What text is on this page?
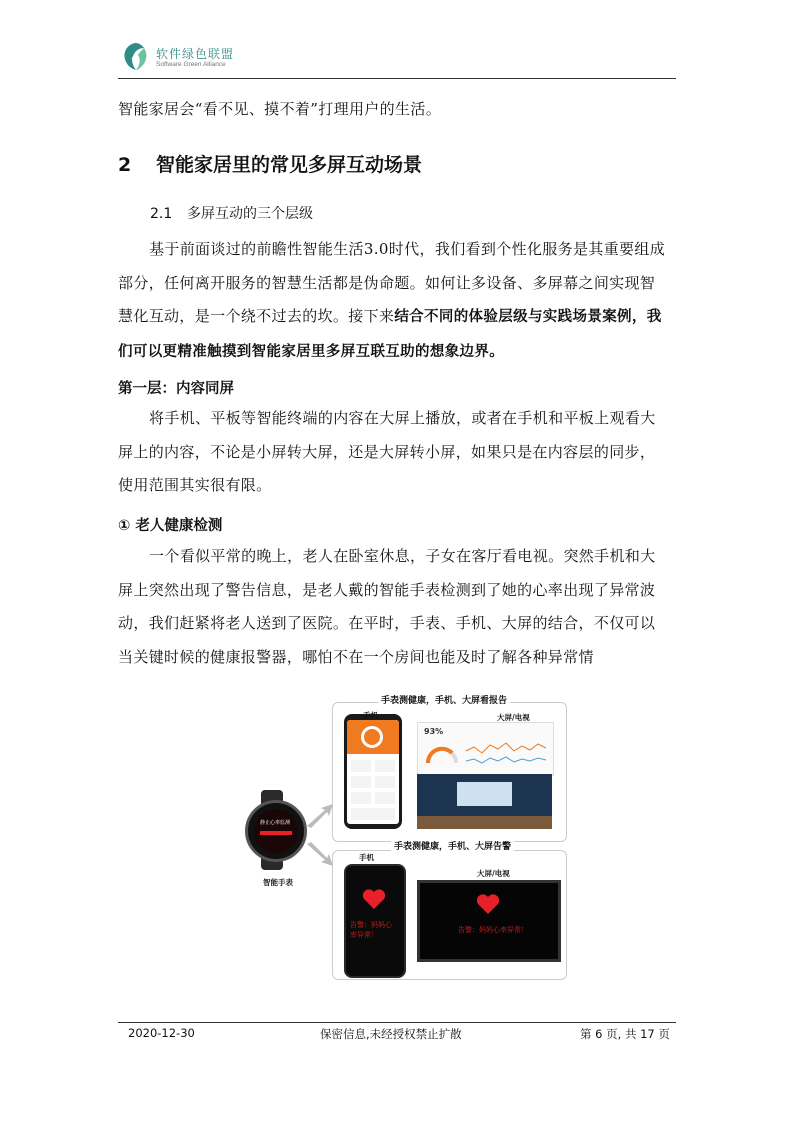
软件绿色联盟
Software Green Alliance

智能家居会“看不见、摸不着”打理用户的生活。

2 智能家居里的常见多屏互动场景
2.1 多屏互动的三个层级

基于前面谈过的前瞻性智能生活3.0时代，我们看到个性化服务是其重要组成部分，任何离开服务的智慧生活都是伪命题。如何让多设备、多屏幕之间实现智慧化互动，是一个绕不过去的坎。接下来结合不同的体验层级与实践场景案例，我们可以更精准触摸到智能家居里多屏互联互助的想象边界。

第一层：内容同屏

将手机、平板等智能终端的内容在大屏上播放，或者在手机和平板上观看大屏上的内容，不论是小屏转大屏，还是大屏转小屏，如果只是在内容层的同步，使用范围其实很有限。

① 老人健康检测

一个看似平常的晚上，老人在卧室休息，子女在客厅看电视。突然手机和大屏上突然出现了警告信息，是老人戴的智能手表检测到了她的心率出现了异常波动，我们赶紧将老人送到了医院。在平时，手表、手机、大屏的结合，不仅可以当关键时候的健康报警器，哪怕不在一个房间也能及时了解各种异常情

手表测健康，手机、大屏看报告
手机	大屏/电视
93%
手表测健康，手机、大屏告警
手机
告警：妈妈心率异常！
大屏/电视
告警：妈妈心率异常！
静止心率监测
智能手表
2020-12-30	保密信息,未经授权禁止扩散	第 6 页, 共 17 页
